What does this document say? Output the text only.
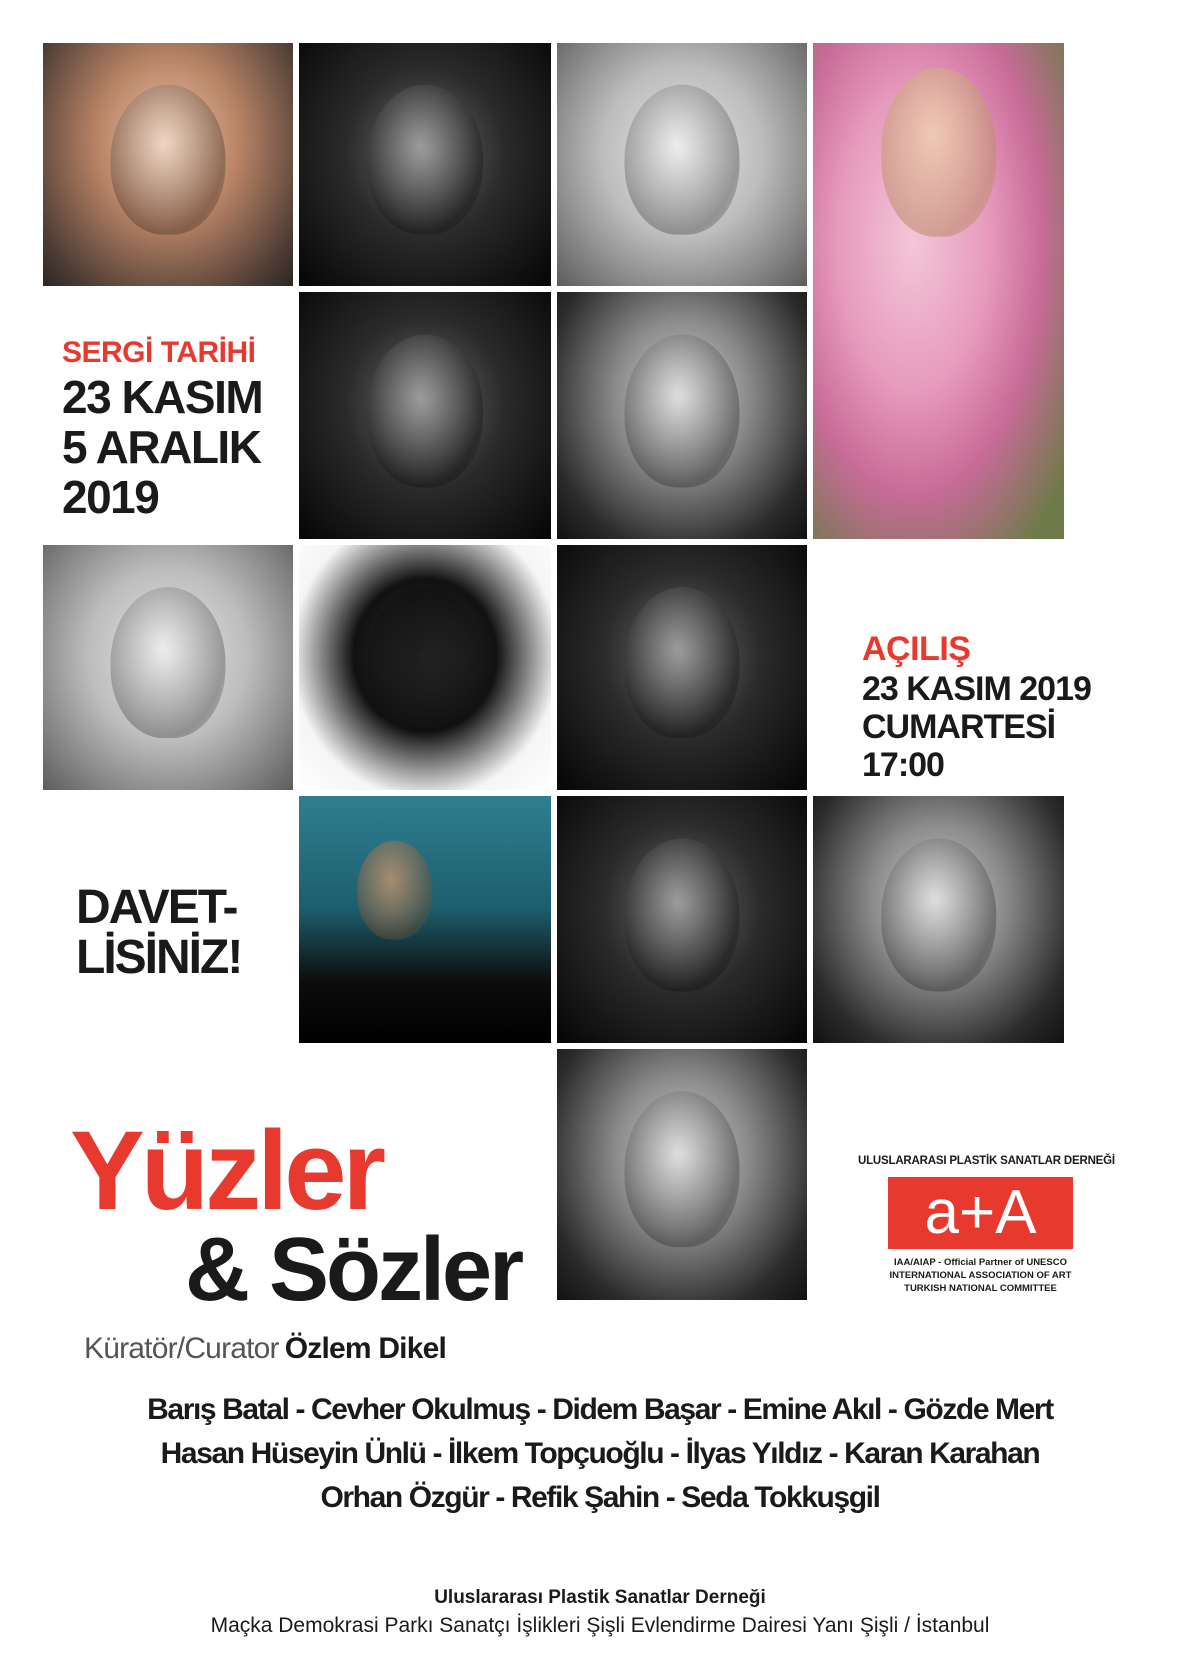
SERGİ TARİHİ
23 KASIM
5 ARALIK
2019
AÇILIŞ
23 KASIM 2019
CUMARTESİ
17:00
DAVET-
LİSİNİZ!
Yüzler
& Sözler
Küratör/Curator Özlem Dikel
ULUSLARARASI PLASTİK SANATLAR DERNEĞİ
a+A
IAA/AIAP - Official Partner of UNESCO
INTERNATIONAL ASSOCIATION OF ART
TURKISH NATIONAL COMMITTEE
Barış Batal - Cevher Okulmuş - Didem Başar - Emine Akıl - Gözde Mert
Hasan Hüseyin Ünlü - İlkem Topçuoğlu - İlyas Yıldız - Karan Karahan
Orhan Özgür - Refik Şahin - Seda Tokkuşgil
Uluslararası Plastik Sanatlar Derneği
Maçka Demokrasi Parkı Sanatçı İşlikleri Şişli Evlendirme Dairesi Yanı Şişli / İstanbul
